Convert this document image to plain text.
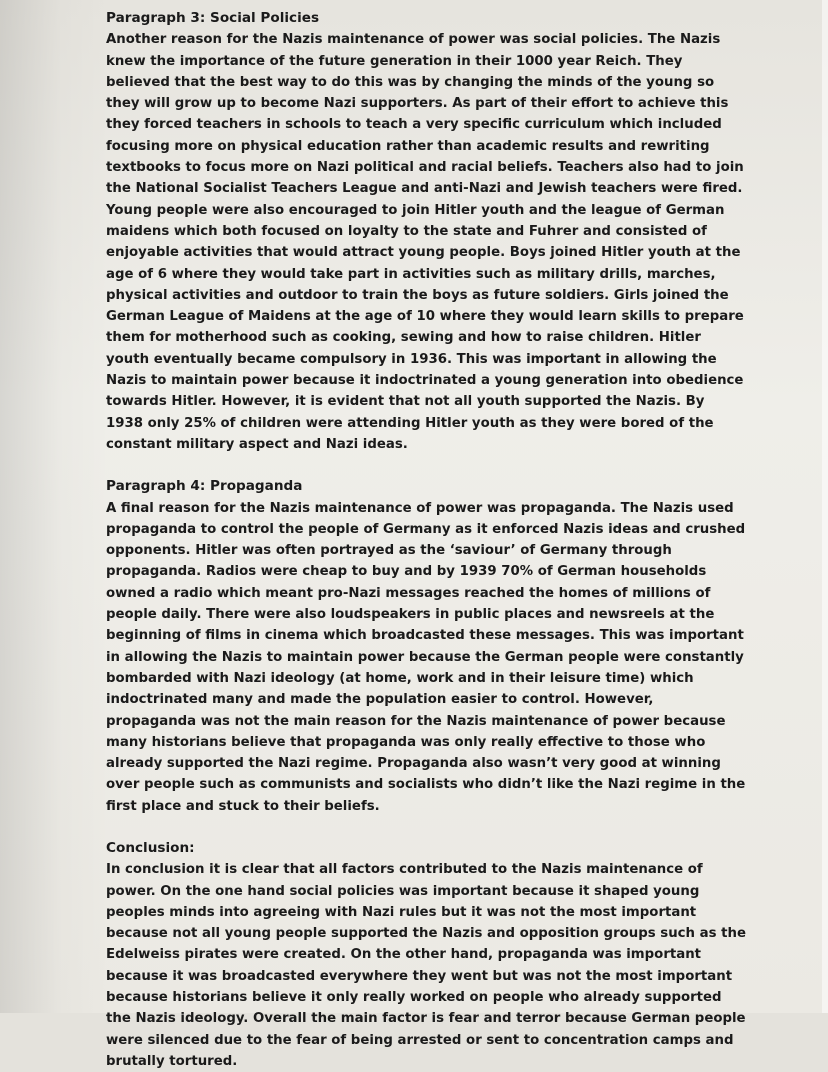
Paragraph 3: Social Policies

Another reason for the Nazis maintenance of power was social policies. The Nazis knew the importance of the future generation in their 1000 year Reich. They believed that the best way to do this was by changing the minds of the young so they will grow up to become Nazi supporters. As part of their effort to achieve this they forced teachers in schools to teach a very specific curriculum which included focusing more on physical education rather than academic results and rewriting textbooks to focus more on Nazi political and racial beliefs. Teachers also had to join the National Socialist Teachers League and anti-Nazi and Jewish teachers were fired. Young people were also encouraged to join Hitler youth and the league of German maidens which both focused on loyalty to the state and Fuhrer and consisted of enjoyable activities that would attract young people. Boys joined Hitler youth at the age of 6 where they would take part in activities such as military drills, marches, physical activities and outdoor to train the boys as future soldiers. Girls joined the German League of Maidens at the age of 10 where they would learn skills to prepare them for motherhood such as cooking, sewing and how to raise children. Hitler youth eventually became compulsory in 1936. This was important in allowing the Nazis to maintain power because it indoctrinated a young generation into obedience towards Hitler. However, it is evident that not all youth supported the Nazis. By 1938 only 25% of children were attending Hitler youth as they were bored of the constant military aspect and Nazi ideas.

Paragraph 4: Propaganda

A final reason for the Nazis maintenance of power was propaganda. The Nazis used propaganda to control the people of Germany as it enforced Nazis ideas and crushed opponents. Hitler was often portrayed as the ‘saviour’ of Germany through propaganda. Radios were cheap to buy and by 1939 70% of German households owned a radio which meant pro-Nazi messages reached the homes of millions of people daily. There were also loudspeakers in public places and newsreels at the beginning of films in cinema which broadcasted these messages. This was important in allowing the Nazis to maintain power because the German people were constantly bombarded with Nazi ideology (at home, work and in their leisure time) which indoctrinated many and made the population easier to control. However, propaganda was not the main reason for the Nazis maintenance of power because many historians believe that propaganda was only really effective to those who already supported the Nazi regime. Propaganda also wasn’t very good at winning over people such as communists and socialists who didn’t like the Nazi regime in the first place and stuck to their beliefs.

Conclusion:

In conclusion it is clear that all factors contributed to the Nazis maintenance of power. On the one hand social policies was important because it shaped young peoples minds into agreeing with Nazi rules but it was not the most important because not all young people supported the Nazis and opposition groups such as the Edelweiss pirates were created. On the other hand, propaganda was important because it was broadcasted everywhere they went but was not the most important because historians believe it only really worked on people who already supported the Nazis ideology. Overall the main factor is fear and terror because German people were silenced due to the fear of being arrested or sent to concentration camps and brutally tortured.
